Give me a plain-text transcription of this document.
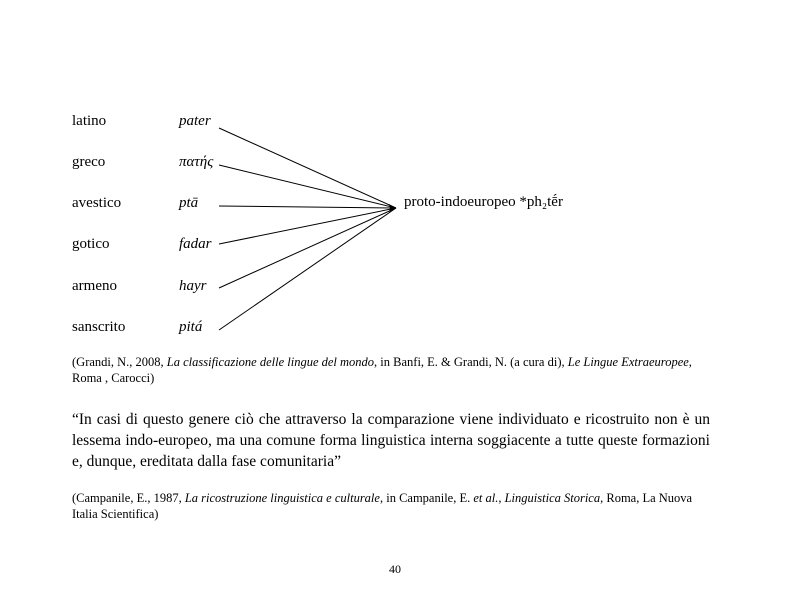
latino	pater
greco	πατής
avestico	ptā
gotico	fadar
armeno	hayr
sanscrito	pitá
proto-indoeuropeo *ph₂tḗr
(Grandi, N., 2008, La classificazione delle lingue del mondo, in Banfi, E. & Grandi, N. (a cura di), Le Lingue Extraeuropee, Roma , Carocci)
“In casi di questo genere ciò che attraverso la comparazione viene individuato e ricostruito non è un lessema indo-europeo, ma una comune forma linguistica interna soggiacente a tutte queste formazioni e, dunque, ereditata dalla fase comunitaria”
(Campanile, E., 1987, La ricostruzione linguistica e culturale, in Campanile, E. et al., Linguistica Storica, Roma, La Nuova Italia Scientifica)
40
